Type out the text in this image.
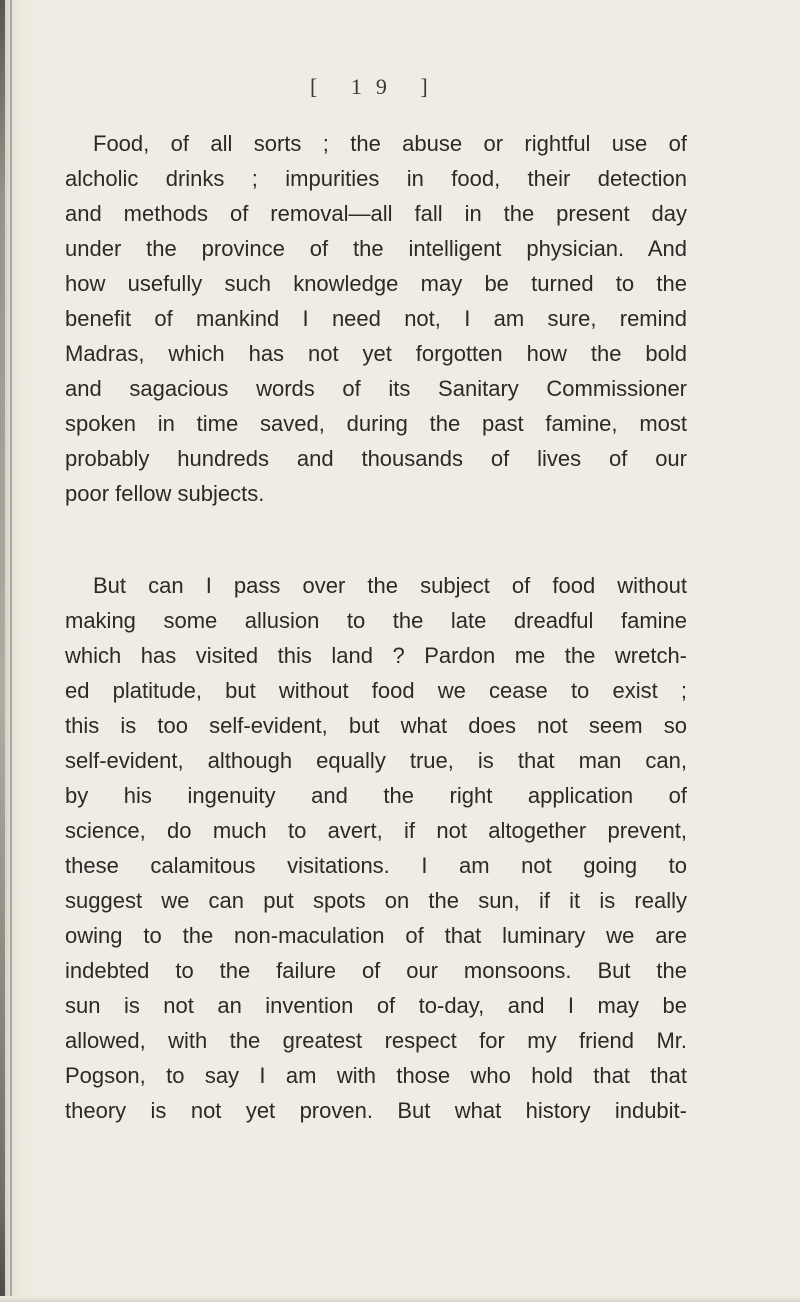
[ 19 ]
Food, of all sorts ; the abuse or rightful use of
alcholic drinks ; impurities in food, their detection
and methods of removal—all fall in the present day
under the province of the intelligent physician. And
how usefully such knowledge may be turned to the
benefit of mankind I need not, I am sure, remind
Madras, which has not yet forgotten how the bold
and sagacious words of its Sanitary Commissioner
spoken in time saved, during the past famine, most
probably hundreds and thousands of lives of our
poor fellow subjects.
But can I pass over the subject of food without
making some allusion to the late dreadful famine
which has visited this land ? Pardon me the wretch-
ed platitude, but without food we cease to exist ;
this is too self-evident, but what does not seem so
self-evident, although equally true, is that man can,
by his ingenuity and the right application of
science, do much to avert, if not altogether prevent,
these calamitous visitations. I am not going to
suggest we can put spots on the sun, if it is really
owing to the non-maculation of that luminary we are
indebted to the failure of our monsoons. But the
sun is not an invention of to-day, and I may be
allowed, with the greatest respect for my friend Mr.
Pogson, to say I am with those who hold that that
theory is not yet proven. But what history indubit-
